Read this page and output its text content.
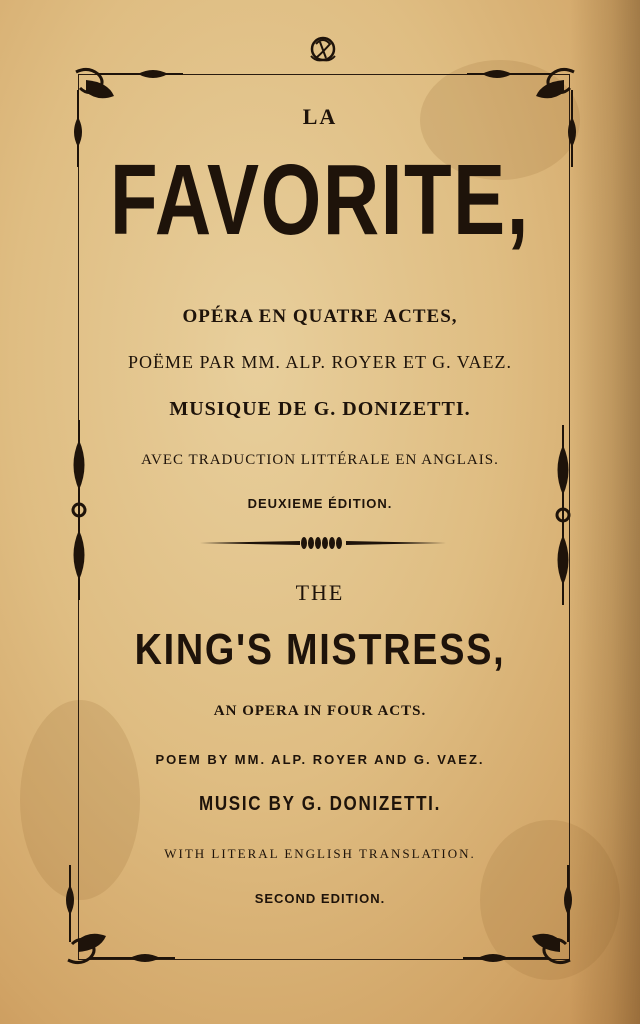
LA
FAVORITE,
OPÉRA EN QUATRE ACTES,
POËME PAR MM. ALP. ROYER ET G. VAEZ.
MUSIQUE DE G. DONIZETTI.
AVEC TRADUCTION LITTÉRALE EN ANGLAIS.
DEUXIEME ÉDITION.
THE
KING'S MISTRESS,
AN OPERA IN FOUR ACTS.
POEM BY MM. ALP. ROYER AND G. VAEZ.
MUSIC BY G. DONIZETTI.
WITH LITERAL ENGLISH TRANSLATION.
SECOND EDITION.
